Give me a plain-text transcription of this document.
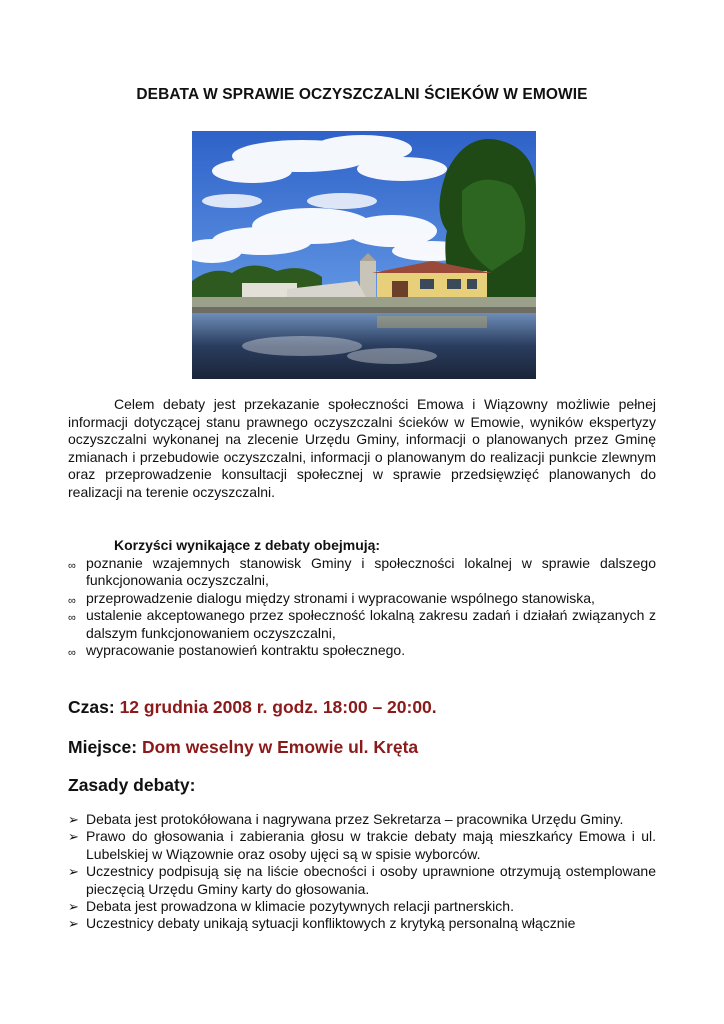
DEBATA W SPRAWIE OCZYSZCZALNI ŚCIEKÓW W EMOWIE

Celem debaty jest przekazanie społeczności Emowa i Wiązowny możliwie pełnej informacji dotyczącej stanu prawnego oczyszczalni ścieków w Emowie, wyników ekspertyzy oczyszczalni wykonanej na zlecenie Urzędu Gminy, informacji o planowanych przez Gminę zmianach i przebudowie oczyszczalni, informacji o planowanym do realizacji punkcie zlewnym oraz przeprowadzenie konsultacji społecznej w sprawie przedsięwzięć planowanych do realizacji na terenie oczyszczalni.

Korzyści wynikające z debaty obejmują:
∞ poznanie wzajemnych stanowisk Gminy i społeczności lokalnej w sprawie dalszego funkcjonowania oczyszczalni,
∞ przeprowadzenie dialogu między stronami i wypracowanie wspólnego stanowiska,
∞ ustalenie akceptowanego przez społeczność lokalną zakresu zadań i działań związanych z dalszym funkcjonowaniem oczyszczalni,
∞ wypracowanie postanowień kontraktu społecznego.
Czas: 12 grudnia 2008 r. godz. 18:00 – 20:00.
Miejsce: Dom weselny w Emowie ul. Kręta
Zasady debaty:
➢ Debata jest protokółowana i nagrywana przez Sekretarza – pracownika Urzędu Gminy.
➢ Prawo do głosowania i zabierania głosu w trakcie debaty mają mieszkańcy Emowa i ul. Lubelskiej w Wiązownie oraz osoby ujęci są w spisie wyborców.
➢ Uczestnicy podpisują się na liście obecności i osoby uprawnione otrzymują ostemplowane pieczęcią Urzędu Gminy karty do głosowania.
➢ Debata jest prowadzona w klimacie pozytywnych relacji partnerskich.
➢ Uczestnicy debaty unikają sytuacji konfliktowych z krytyką personalną włącznie
